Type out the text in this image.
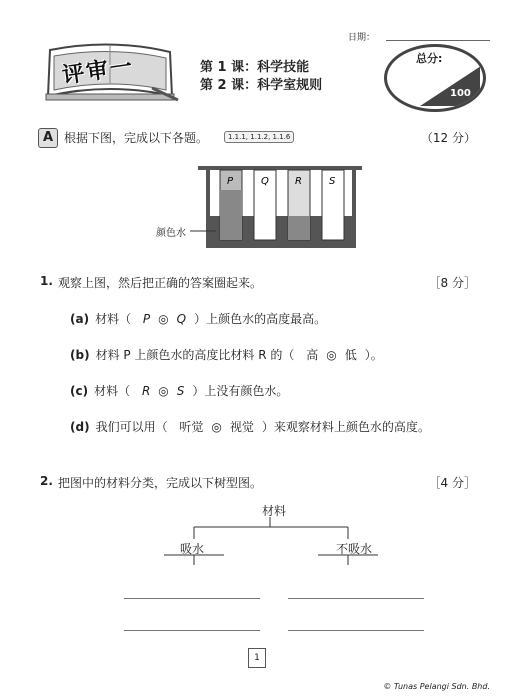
日期：
评审一	第 1 课：科学技能
第 2 课：科学室规则
总分:
100
A 根据下图，完成以下各题。	1.1.1, 1.1.2, 1.1.6	（12 分）
P	Q	R	S
颜色水
1. 观察上图，然后把正确的答案圈起来。	［8 分］
(a) 材料（ P ◎ Q ）上颜色水的高度最高。
(b) 材料 P 上颜色水的高度比材料 R 的（ 高 ◎ 低 ）。
(c) 材料（ R ◎ S ）上没有颜色水。
(d) 我们可以用（ 听觉 ◎ 视觉 ）来观察材料上颜色水的高度。
2. 把图中的材料分类，完成以下树型图。	［4 分］
材料
吸水	不吸水
1
© Tunas Pelangi Sdn. Bhd.
